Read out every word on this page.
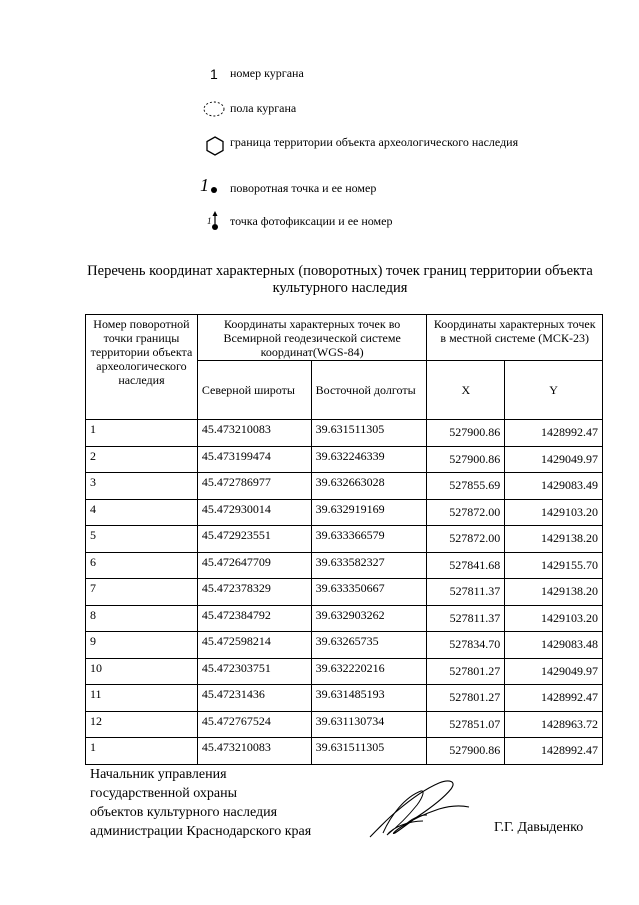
1 номер кургана
пола кургана
граница территории объекта археологического наследия
1 поворотная точка и ее номер
1 точка фотофиксации и ее номер
Перечень координат характерных (поворотных) точек границ территории объекта культурного наследия
Номер поворотной точки границы территории объекта археологического наследия	Координаты характерных точек во Всемирной геодезической системе координат(WGS-84)		Координаты характерных точек в местной системе (МСК-23)	
	Северной широты	Восточной долготы	X	Y
1	45.473210083	39.631511305	527900.86	1428992.47
2	45.473199474	39.632246339	527900.86	1429049.97
3	45.472786977	39.632663028	527855.69	1429083.49
4	45.472930014	39.632919169	527872.00	1429103.20
5	45.472923551	39.633366579	527872.00	1429138.20
6	45.472647709	39.633582327	527841.68	1429155.70
7	45.472378329	39.633350667	527811.37	1429138.20
8	45.472384792	39.632903262	527811.37	1429103.20
9	45.472598214	39.63265735	527834.70	1429083.48
10	45.472303751	39.632220216	527801.27	1429049.97
11	45.47231436	39.631485193	527801.27	1428992.47
12	45.472767524	39.631130734	527851.07	1428963.72
1	45.473210083	39.631511305	527900.86	1428992.47
Начальник управления
государственной охраны
объектов культурного наследия
администрации Краснодарского края	Г.Г. Давыденко
